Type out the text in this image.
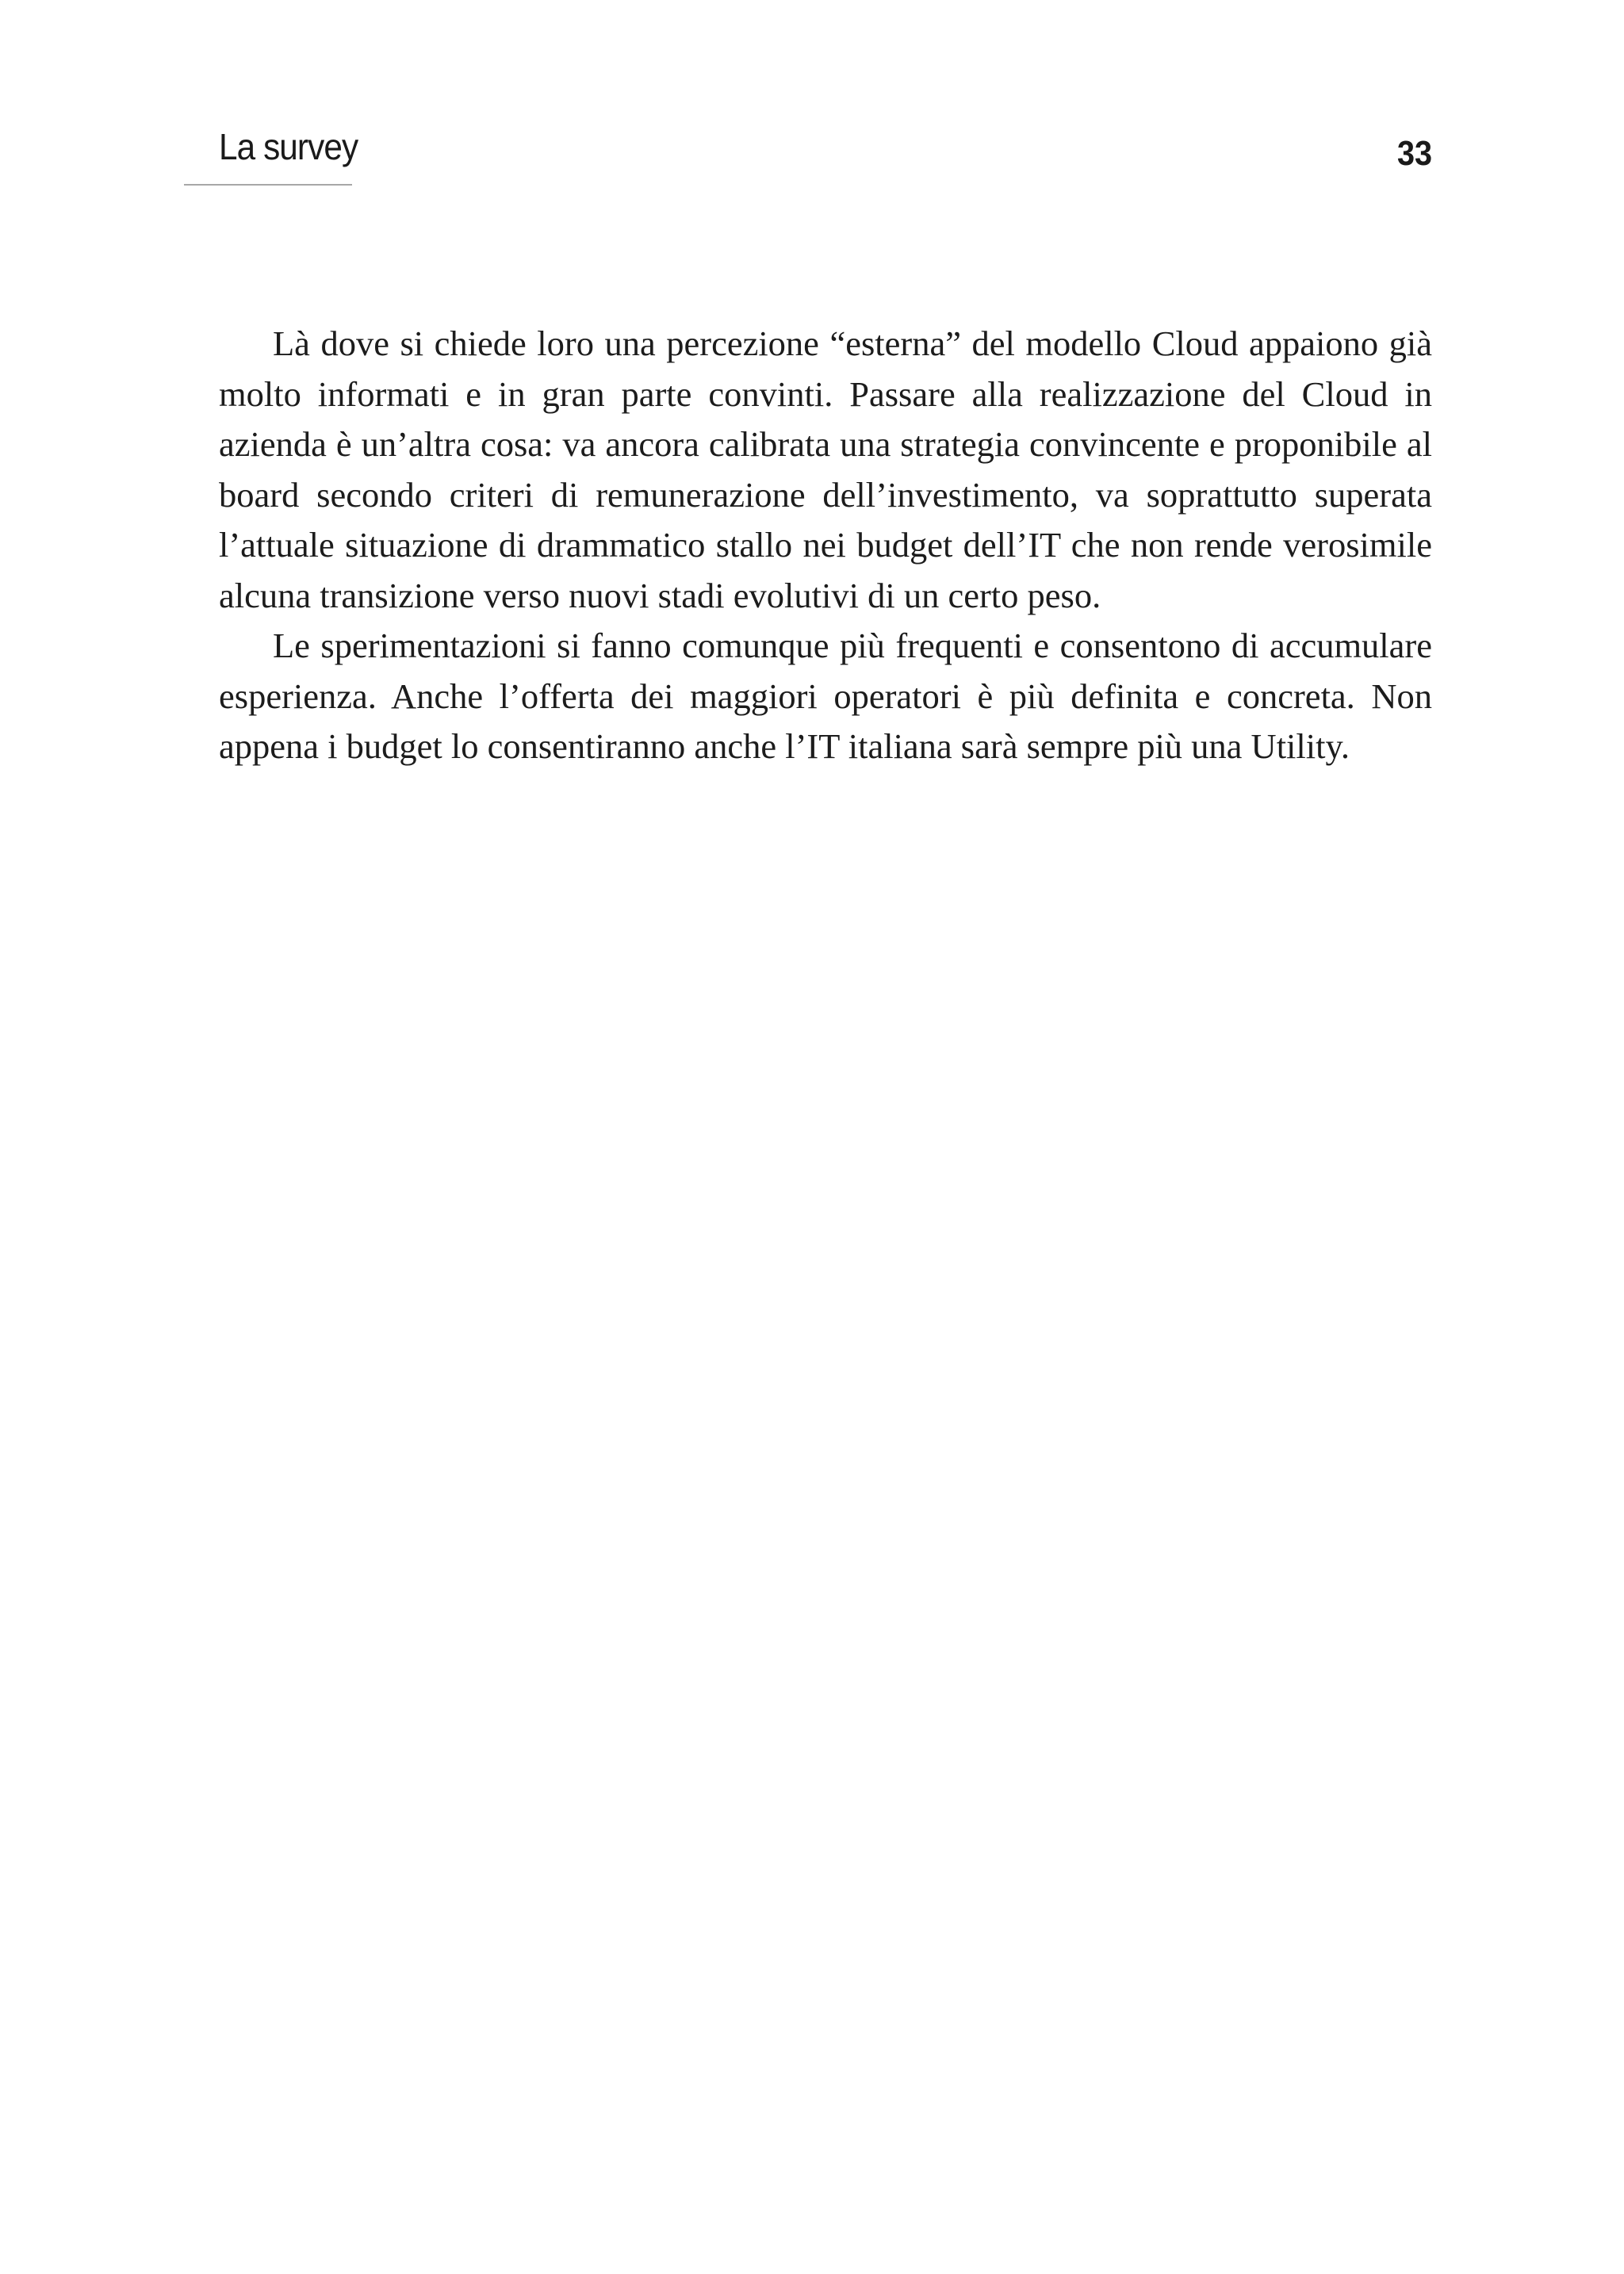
La survey	33

Là dove si chiede loro una percezione “esterna” del modello Cloud appaiono già molto informati e in gran parte convinti. Passare alla realizzazione del Cloud in azienda è un’altra cosa: va ancora calibrata una strategia convincente e proponibile al board secondo criteri di remunerazione dell’investimento, va soprattutto superata l’attuale situazione di drammatico stallo nei budget dell’IT che non rende verosimile alcuna transizione verso nuovi stadi evolutivi di un certo peso.

Le sperimentazioni si fanno comunque più frequenti e consentono di accumulare esperienza. Anche l’offerta dei maggiori operatori è più definita e concreta. Non appena i budget lo consentiranno anche l’IT italiana sarà sempre più una Utility.
